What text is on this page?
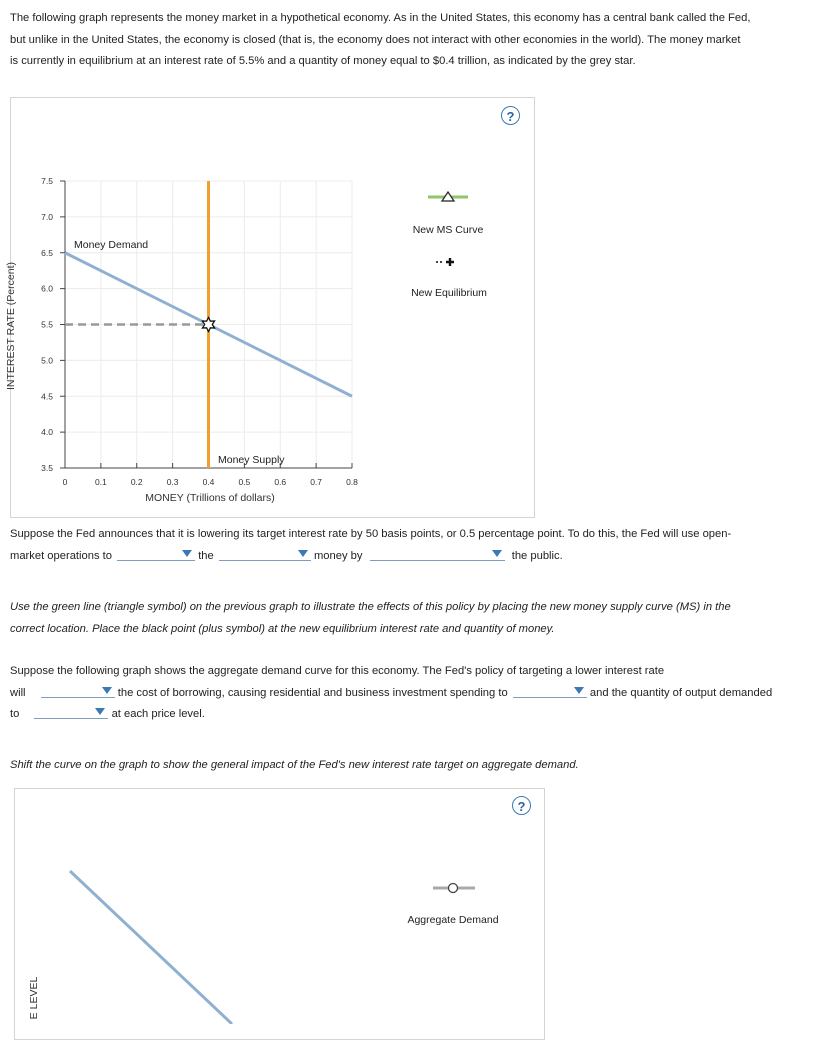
The following graph represents the money market in a hypothetical economy. As in the United States, this economy has a central bank called the Fed,
but unlike in the United States, the economy is closed (that is, the economy does not interact with other economies in the world). The money market
is currently in equilibrium at an interest rate of 5.5% and a quantity of money equal to $0.4 trillion, as indicated by the grey star.
?
INTEREST RATE (Percent)
MONEY (Trillions of dollars)
7.5
7.0
6.5
6.0
5.5
5.0
4.5
4.0
3.5
0	0.1	0.2	0.3	0.4	0.5	0.6	0.7	0.8
Money Demand
Money Supply
New MS Curve
New Equilibrium
Suppose the Fed announces that it is lowering its target interest rate by 50 basis points, or 0.5 percentage point. To do this, the Fed will use open-
market operations to	the	money by	the public.
Use the green line (triangle symbol) on the previous graph to illustrate the effects of this policy by placing the new money supply curve (MS) in the
correct location. Place the black point (plus symbol) at the new equilibrium interest rate and quantity of money.
Suppose the following graph shows the aggregate demand curve for this economy. The Fed's policy of targeting a lower interest rate
will	the cost of borrowing, causing residential and business investment spending to	and the quantity of output demanded
to	at each price level.
Shift the curve on the graph to show the general impact of the Fed's new interest rate target on aggregate demand.
?
E LEVEL
Aggregate Demand
